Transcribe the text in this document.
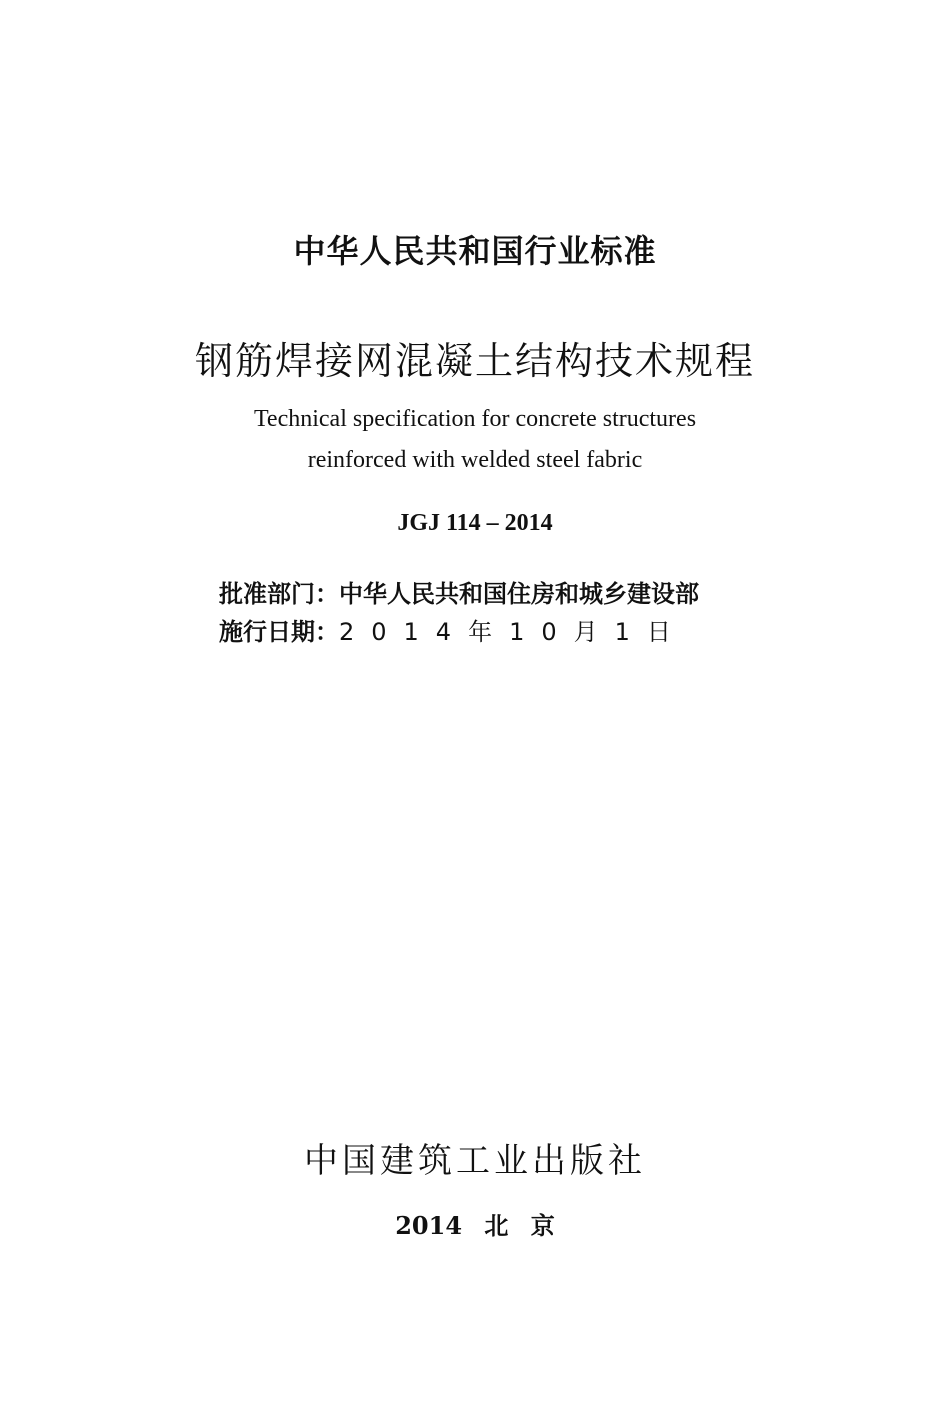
中华人民共和国行业标准
钢筋焊接网混凝土结构技术规程
Technical specification for concrete structures
reinforced with welded steel fabric
JGJ 114 – 2014
批准部门：中华人民共和国住房和城乡建设部
施行日期：2014年10月1日
中国建筑工业出版社
2014 北 京
